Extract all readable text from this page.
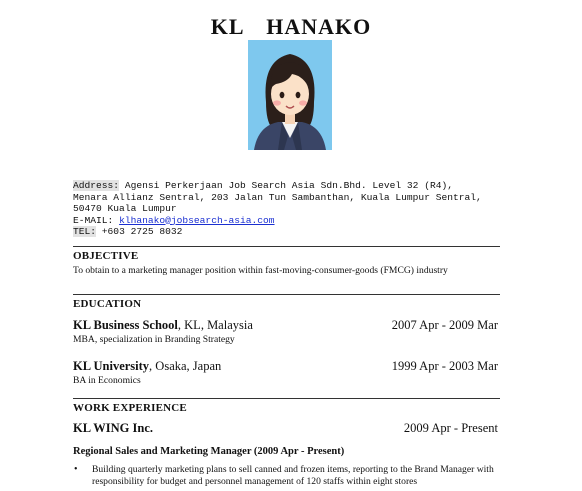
KL　HANAKO
Address: Agensi Perkerjaan Job Search Asia Sdn.Bhd. Level 32 (R4),
Menara Allianz Sentral, 203 Jalan Tun Sambanthan, Kuala Lumpur Sentral,
50470 Kuala Lumpur
E-MAIL: klhanako@jobsearch-asia.com
TEL: +603 2725 8032
OBJECTIVE
To obtain to a marketing manager position within fast-moving-consumer-goods (FMCG) industry
EDUCATION
KL Business School, KL, Malaysia	2007 Apr - 2009 Mar
MBA, specialization in Branding Strategy
KL University, Osaka, Japan	1999 Apr - 2003 Mar
BA in Economics
WORK EXPERIENCE
KL WING Inc.	2009 Apr - Present
Regional Sales and Marketing Manager (2009 Apr - Present)
• Building quarterly marketing plans to sell canned and frozen items, reporting to the Brand Manager with responsibility for budget and personnel management of 120 staffs within eight stores
